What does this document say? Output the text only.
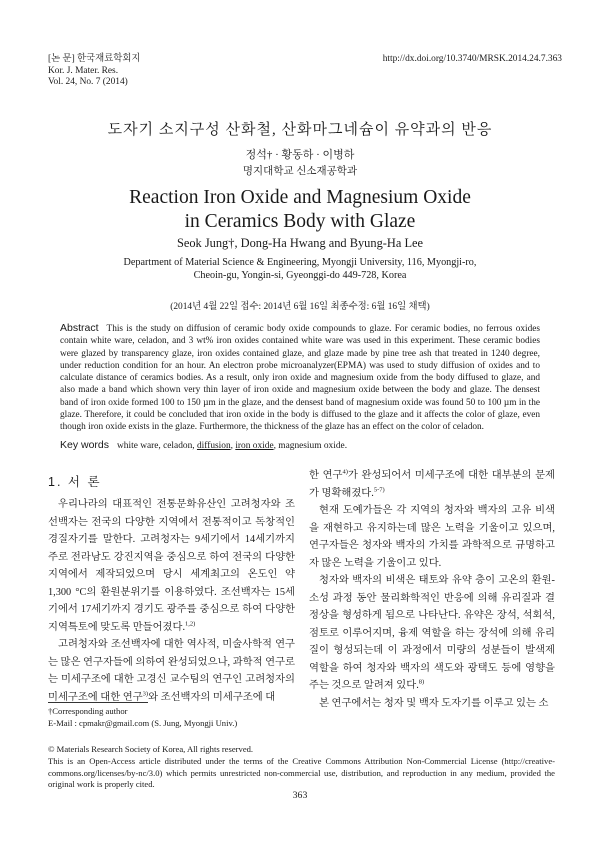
[논 문] 한국재료학회지
Kor. J. Mater. Res.
Vol. 24, No. 7 (2014)
http://dx.doi.org/10.3740/MRSK.2014.24.7.363
도자기 소지구성 산화철, 산화마그네슘이 유약과의 반응
정석† · 황동하 · 이병하
명지대학교 신소재공학과
Reaction Iron Oxide and Magnesium Oxide
in Ceramics Body with Glaze
Seok Jung†, Dong-Ha Hwang and Byung-Ha Lee
Department of Material Science & Engineering, Myongji University, 116, Myongji-ro,
Cheoin-gu, Yongin-si, Gyeonggi-do 449-728, Korea
(2014년 4월 22일 접수: 2014년 6월 16일 최종수정: 6월 16일 채택)
Abstract This is the study on diffusion of ceramic body oxide compounds to glaze. For ceramic bodies, no ferrous oxides contain white ware, celadon, and 3 wt% iron oxides contained white ware was used in this experiment. These ceramic bodies were glazed by transparency glaze, iron oxides contained glaze, and glaze made by pine tree ash that treated in 1240 degree, under reduction condition for an hour. An electron probe microanalyzer(EPMA) was used to study diffusion of oxides and to calculate distance of ceramics bodies. As a result, only iron oxide and magnesium oxide from the body diffused to glaze, and also made a band which shown very thin layer of iron oxide and magnesium oxide between the body and glaze. The densest band of iron oxide formed 100 to 150 µm in the glaze, and the densest band of magnesium oxide was found 50 to 100 µm in the glaze. Therefore, it could be concluded that iron oxide in the body is diffused to the glaze and it affects the color of glaze, even though iron oxide exists in the glaze. Furthermore, the thickness of the glaze has an effect on the color of celadon.
Key words white ware, celadon, diffusion, iron oxide, magnesium oxide.
1. 서 론

우리나라의 대표적인 전통문화유산인 고려청자와 조선백자는 전국의 다양한 지역에서 전통적이고 독창적인 경질자기를 말한다. 고려청자는 9세기에서 14세기까지 주로 전라남도 강진지역을 중심으로 하여 전국의 다양한 지역에서 제작되었으며 당시 세계최고의 온도인 약 1,300 °C의 환원분위기를 이용하였다. 조선백자는 15세기에서 17세기까지 경기도 광주를 중심으로 하여 다양한 지역특토에 맞도록 만들어졌다.$^{1,2)}$

고려청자와 조선백자에 대한 역사적, 미술사학적 연구는 많은 연구자들에 의하여 완성되었으나, 과학적 연구로는 미세구조에 대한 고경신 교수팀의 연구인 고려청자의 미세구조에 대한 연구$^{3)}$와 조선백자의 미세구조에 대

한 연구$^{4)}$가 완성되어서 미세구조에 대한 대부분의 문제가 명확해졌다.$^{5-7)}$

현재 도예가들은 각 지역의 청자와 백자의 고유 비색을 재현하고 유지하는데 많은 노력을 기울이고 있으며, 연구자들은 청자와 백자의 가치를 과학적으로 규명하고자 많은 노력을 기울이고 있다.

청자와 백자의 비색은 태토와 유약 층이 고온의 환원-소성 과정 동안 물리화학적인 반응에 의해 유리질과 결정상을 형성하게 됨으로 나타난다. 유약은 장석, 석회석, 점토로 이루어지며, 융제 역할을 하는 장석에 의해 유리질이 형성되는데 이 과정에서 미량의 성분들이 발색제 역할을 하여 청자와 백자의 색도와 광택도 등에 영향을 주는 것으로 알려져 있다.$^{8)}$

본 연구에서는 청자 및 백자 도자기를 이루고 있는 소

†Corresponding author
E-Mail : cpmakr@gmail.com (S. Jung, Myongji Univ.)
© Materials Research Society of Korea, All rights reserved.
This is an Open-Access article distributed under the terms of the Creative Commons Attribution Non-Commercial License (http://creative-commons.org/licenses/by-nc/3.0) which permits unrestricted non-commercial use, distribution, and reproduction in any medium, provided the original work is properly cited.
363
